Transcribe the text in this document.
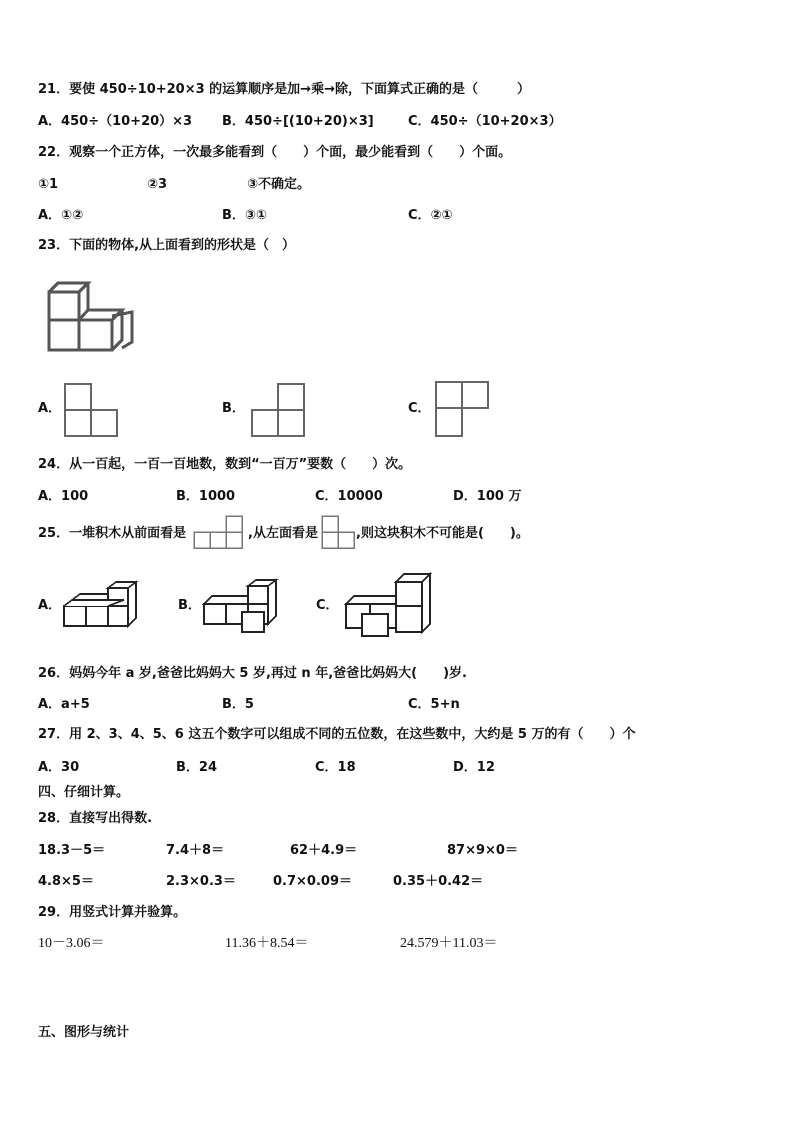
21．要使 450÷10+20×3 的运算顺序是加→乘→除，下面算式正确的是（　　　）
A．450÷（10+20）×3 B．450÷[(10+20)×3]	C．450÷（10+20×3）
22．观察一个正方体，一次最多能看到（　　）个面，最少能看到（　　）个面。
①1	②3	③不确定。
A．①②	B．③①	C．②①
23．下面的物体,从上面看到的形状是（　）
A．	B．	C．
24．从一百起，一百一百地数，数到“一百万”要数（　　）次。
A．100	B．1000	C．10000	D．100 万
25．一堆积木从前面看是	,从左面看是	,则这块积木不可能是(　　)。
A．	B．	C．
26．妈妈今年 a 岁,爸爸比妈妈大 5 岁,再过 n 年,爸爸比妈妈大(　　)岁.
A．a+5	B．5	C．5+n
27．用 2、3、4、5、6 这五个数字可以组成不同的五位数，在这些数中，大约是 5 万的有（　　）个
A．30	B．24	C．18	D．12
四、仔细计算。
28．直接写出得数.
18.3－5＝	7.4＋8＝	62＋4.9＝	87×9×0＝
4.8×5＝	2.3×0.3＝	0.7×0.09＝	0.35＋0.42＝
29．用竖式计算并验算。
10－3.06＝	11.36＋8.54＝	24.579＋11.03＝
五、图形与统计
